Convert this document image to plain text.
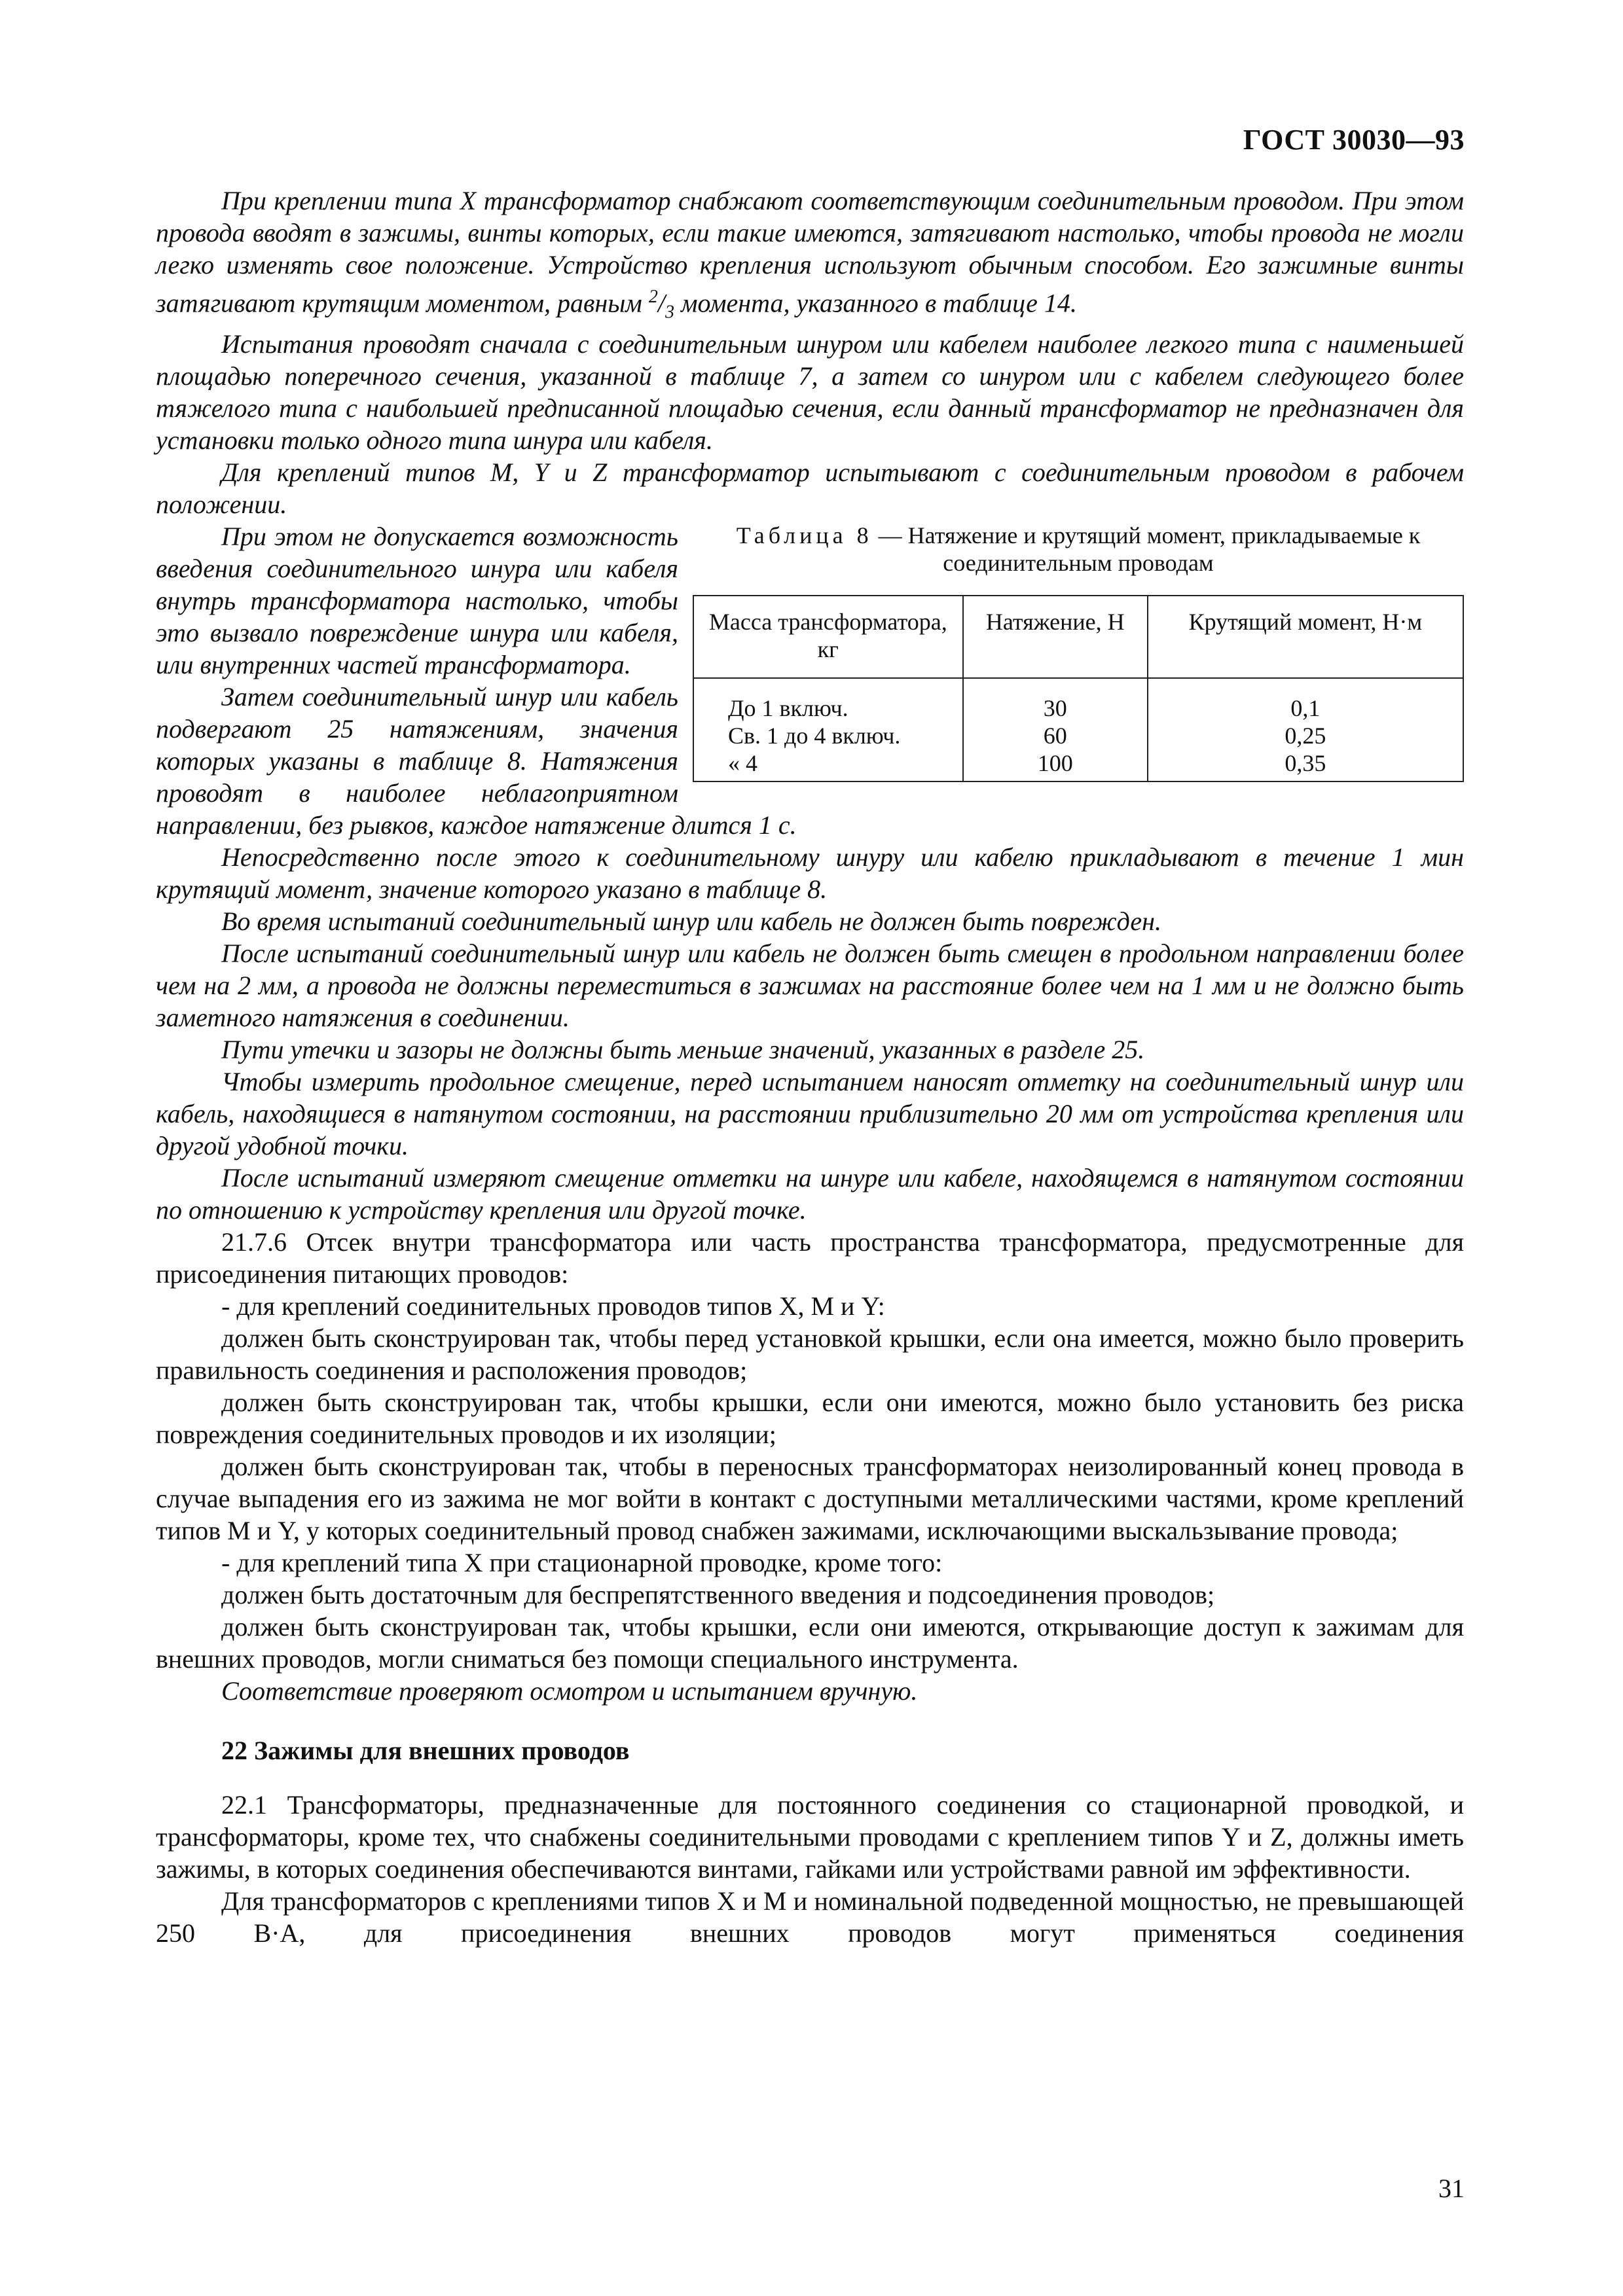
ГОСТ 30030—93

При креплении типа X трансформатор снабжают соответствующим соединительным проводом. При этом провода вводят в зажимы, винты которых, если такие имеются, затягивают настолько, чтобы провода не могли легко изменять свое положение. Устройство крепления используют обычным способом. Его зажимные винты затягивают крутящим моментом, равным $^2/_3$ момента, указанного в таблице 14.

Испытания проводят сначала с соединительным шнуром или кабелем наиболее легкого типа с наименьшей площадью поперечного сечения, указанной в таблице 7, а затем со шнуром или с кабелем следующего более тяжелого типа с наибольшей предписанной площадью сечения, если данный трансформатор не предназначен для установки только одного типа шнура или кабеля.

Для креплений типов M, Y и Z трансформатор испытывают с соединительным проводом в рабочем положении.

Таблица 8 — Натяжение и крутящий момент, прикладываемые к соединительным проводам
Масса трансформатора, кг	Натяжение, Н	Крутящий момент, Н·м
До 1 включ.	30	0,1
Св. 1 до 4 включ.	60	0,25
« 4	100	0,35

При этом не допускается возможность введения соединительного шнура или кабеля внутрь трансформатора настолько, чтобы это вызвало повреждение шнура или кабеля, или внутренних частей трансформатора.

Затем соединительный шнур или кабель подвергают 25 натяжениям, значения которых указаны в таблице 8. Натяжения проводят в наиболее неблагоприятном направлении, без рывков, каждое натяжение длится 1 с.

Непосредственно после этого к соединительному шнуру или кабелю прикладывают в течение 1 мин крутящий момент, значение которого указано в таблице 8.

Во время испытаний соединительный шнур или кабель не должен быть поврежден.

После испытаний соединительный шнур или кабель не должен быть смещен в продольном направлении более чем на 2 мм, а провода не должны переместиться в зажимах на расстояние более чем на 1 мм и не должно быть заметного натяжения в соединении.

Пути утечки и зазоры не должны быть меньше значений, указанных в разделе 25.

Чтобы измерить продольное смещение, перед испытанием наносят отметку на соединительный шнур или кабель, находящиеся в натянутом состоянии, на расстоянии приблизительно 20 мм от устройства крепления или другой удобной точки.

После испытаний измеряют смещение отметки на шнуре или кабеле, находящемся в натянутом состоянии по отношению к устройству крепления или другой точке.

21.7.6 Отсек внутри трансформатора или часть пространства трансформатора, предусмотренные для присоединения питающих проводов:

- для креплений соединительных проводов типов X, M и Y:

должен быть сконструирован так, чтобы перед установкой крышки, если она имеется, можно было проверить правильность соединения и расположения проводов;

должен быть сконструирован так, чтобы крышки, если они имеются, можно было установить без риска повреждения соединительных проводов и их изоляции;

должен быть сконструирован так, чтобы в переносных трансформаторах неизолированный конец провода в случае выпадения его из зажима не мог войти в контакт с доступными металлическими частями, кроме креплений типов M и Y, у которых соединительный провод снабжен зажимами, исключающими выскальзывание провода;

- для креплений типа X при стационарной проводке, кроме того:

должен быть достаточным для беспрепятственного введения и подсоединения проводов;

должен быть сконструирован так, чтобы крышки, если они имеются, открывающие доступ к зажимам для внешних проводов, могли сниматься без помощи специального инструмента.

Соответствие проверяют осмотром и испытанием вручную.

22 Зажимы для внешних проводов

22.1 Трансформаторы, предназначенные для постоянного соединения со стационарной проводкой, и трансформаторы, кроме тех, что снабжены соединительными проводами с креплением типов Y и Z, должны иметь зажимы, в которых соединения обеспечиваются винтами, гайками или устройствами равной им эффективности.

Для трансформаторов с креплениями типов X и M и номинальной подведенной мощностью, не превышающей 250 В·А, для присоединения внешних проводов могут применяться соединения

31
